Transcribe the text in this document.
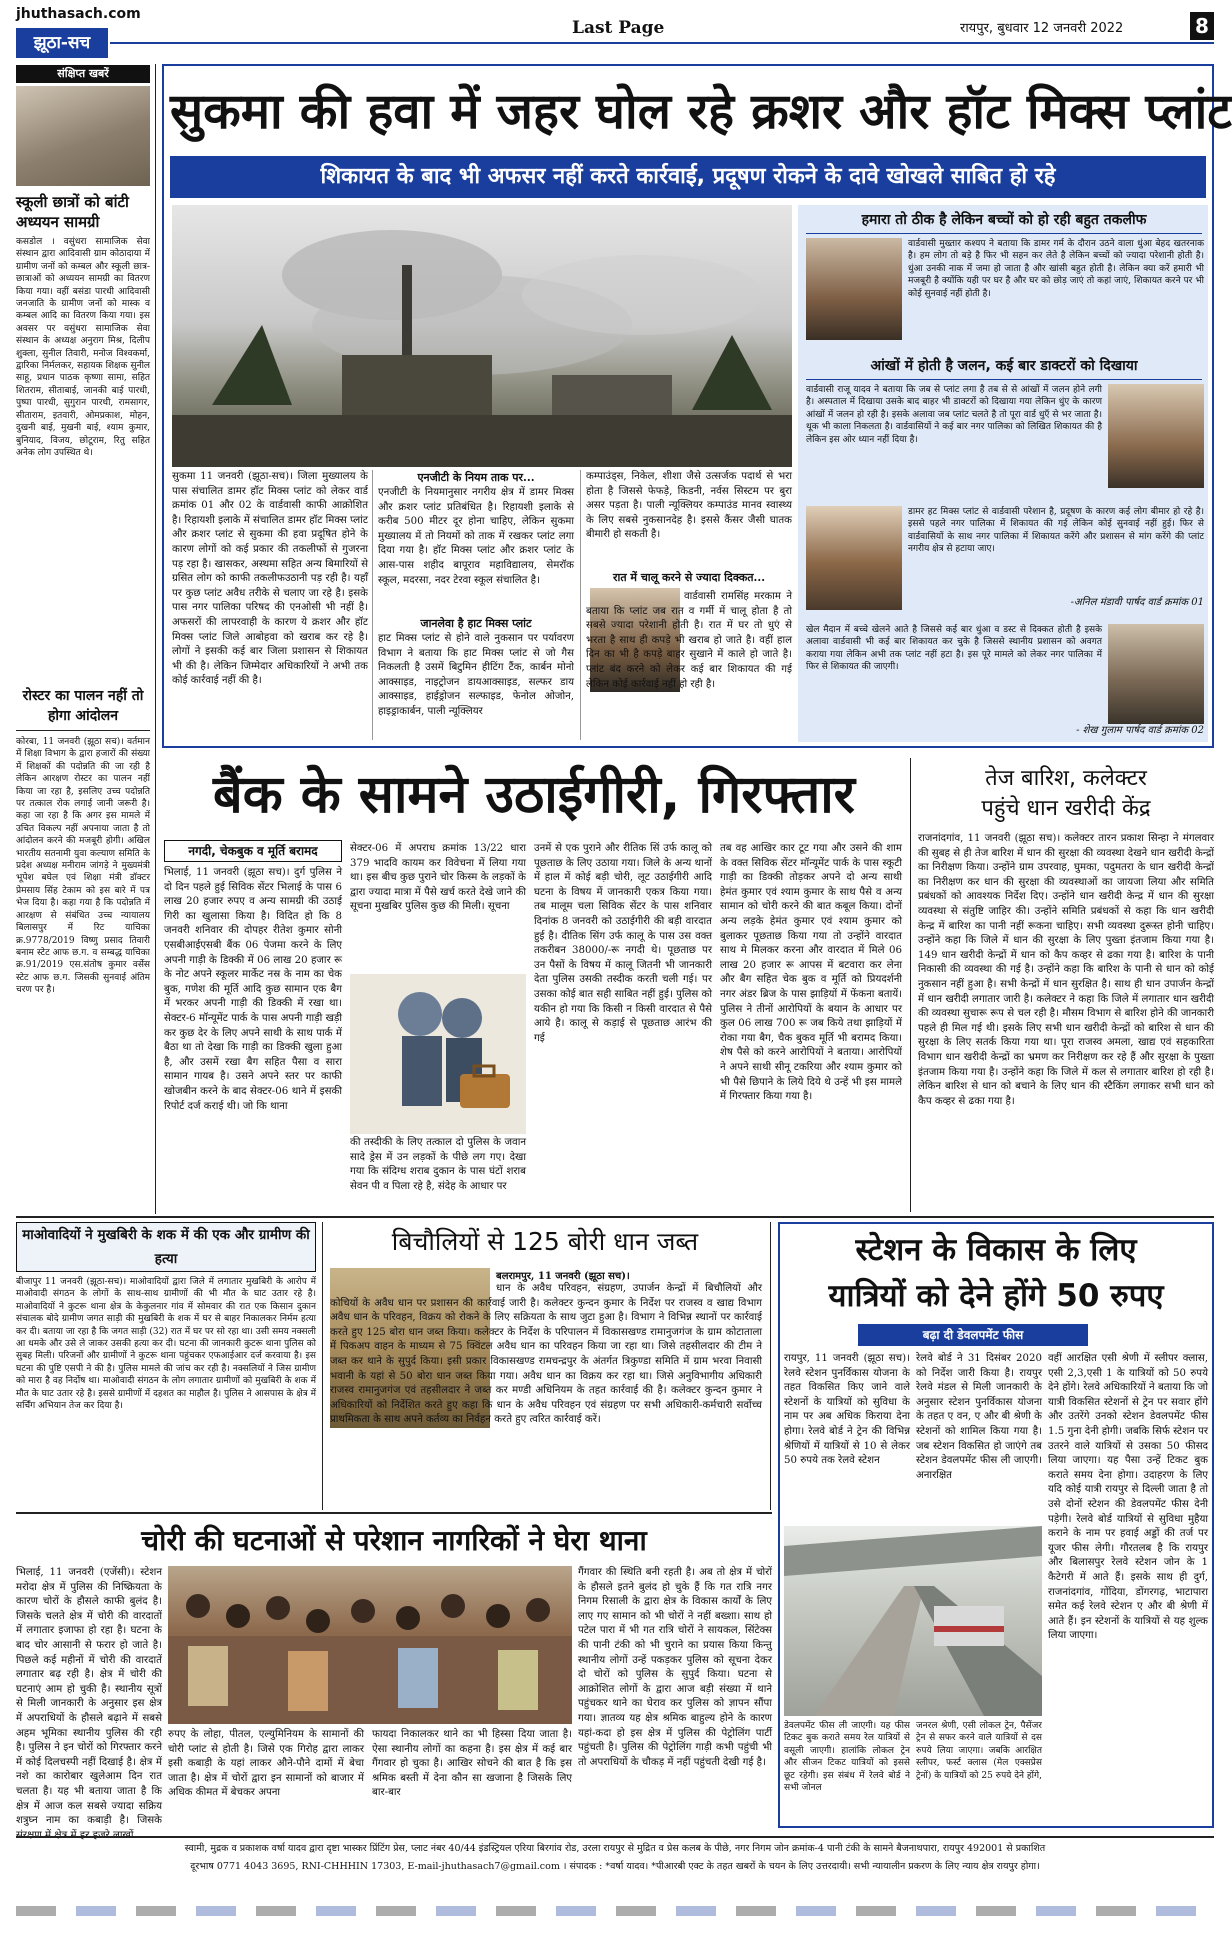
jhuthasach.com
Last Page	रायपुर, बुधवार 12 जनवरी 2022	8
झूठा-सच
संक्षिप्त खबरें
स्कूली छात्रों को बांटी अध्ययन सामग्री
कसडोल । वसुंधरा सामाजिक सेवा संस्थान द्वारा आदिवासी ग्राम कोठादाया में ग्रामीण जनों को कम्बल और स्कूली छात्र-छात्राओं को अध्ययन सामग्री का वितरण किया गया। वहीं बसंडा पारधी आदिवासी जनजाति के ग्रामीण जनों को मास्क व कम्बल आदि का वितरण किया गया। इस अवसर पर वसुंधरा सामाजिक सेवा संस्थान के अध्यक्ष अनुराग मिश्र, दिलीप शुक्ला, सुनील तिवारी, मनोज विश्वकर्मा, द्वारिका निर्मलकर, सहायक शिक्षक सुनील साहू, प्रधान पाठक कृष्णा सामा, सहित शितराम, सीताबाई, जानकी बाई पारधी, पुष्पा पारधी, सुगुरान पारधी, रामसागर, सीताराम, इतवारी, ओमप्रकाश, मोहन, दुखनी बाई, मुखनी बाई, श्याम कुमार, बुनियाद, विजय, छोटूराम, रितु सहित अनेक लोग उपस्थित थे।
रोस्टर का पालन नहीं तो होगा आंदोलन
कोरबा, 11 जनवरी (झूठा सच)। वर्तमान में शिक्षा विभाग के द्वारा हजारों की संख्या में शिक्षकों की पदोन्नति की जा रही है लेकिन आरक्षण रोस्टर का पालन नहीं किया जा रहा है, इसलिए उच्च पदोन्नति पर तत्काल रोक लगाई जानी जरूरी है। कहा जा रहा है कि अगर इस मामले में उचित विकल्प नहीं अपनाया जाता है तो आंदोलन करने की मजबूरी होगी। अखिल भारतीय सतनामी युवा कल्याण समिति के प्रदेश अध्यक्ष मनीराम जांगड़े ने मुख्यमंत्री भूपेश बघेल एवं शिक्षा मंत्री डॉक्टर प्रेमसाय सिंह टेकाम को इस बारे में पत्र भेज दिया है। कहा गया है कि पदोन्नति में आरक्षण से संबंधित उच्च न्यायालय बिलासपुर में रिट याचिका क्र.9778/2019 विष्णु प्रसाद तिवारी बनाम स्टेट आफ छ.ग. व सम्बद्ध याचिका क्र.91/2019 एस.संतोष कुमार वर्सेस स्टेट आफ छ.ग. जिसकी सुनवाई अंतिम चरण पर है।
सुकमा की हवा में जहर घोल रहे क्रशर और हॉट मिक्स प्लांट
शिकायत के बाद भी अफसर नहीं करते कार्रवाई, प्रदूषण रोकने के दावे खोखले साबित हो रहे
सुकमा 11 जनवरी (झूठा-सच)। जिला मुख्यालय के पास संचालित डामर हॉट मिक्स प्लांट को लेकर वार्ड क्रमांक 01 और 02 के वार्डवासी काफी आक्रोशित है। रिहायशी इलाके में संचालित डामर हॉट मिक्स प्लांट और क्रशर प्लांट से सुकमा की हवा प्रदूषित होने के कारण लोगों को कई प्रकार की तकलीफों से गुजरना पड़ रहा है। खासकर, अस्थमा सहित अन्य बिमारियों से ग्रसित लोग को काफी तकलीफउठानी पड़ रही है। यहाँ पर कुछ प्लांट अवैध तरीके से चलाए जा रहे है। इसके पास नगर पालिका परिषद की एनओसी भी नहीं है। अफसरों की लापरवाही के कारण ये क्रशर और हॉट मिक्स प्लांट जिले आबोहवा को खराब कर रहे है। लोगों ने इसकी कई बार जिला प्रशासन से शिकायत भी की है। लेकिन जिम्मेदार अधिकारियों ने अभी तक कोई कार्रवाई नहीं की है।
एनजीटी के नियम ताक पर...
एनजीटी के नियमानुसार नगरीय क्षेत्र में डामर मिक्स और क्रशर प्लांट प्रतिबंधित है। रिहायशी इलाके से करीब 500 मीटर दूर होना चाहिए, लेकिन सुकमा मुख्यालय में तो नियमों को ताक में रखकर प्लांट लगा दिया गया है। हॉट मिक्स प्लांट और क्रशर प्लांट के आस-पास शहीद बापूराव महाविद्यालय, सेमरॉक स्कूल, मदरसा, नदर टेरवा स्कूल संचालित है।
जानलेवा है हाट मिक्स प्लांट
हाट मिक्स प्लांट से होने वाले नुकसान पर पर्यावरण विभाग ने बताया कि हाट मिक्स प्लांट से जो गैस निकलती है उसमें बिटुमिन हीटिंग टैंक, कार्बन मोनो आक्साइड, नाइट्रोजन डायआक्साइड, सल्फर डाय आक्साइड, हाईड्रोजन सल्फाइड, फेनोल ओजोन, हाइड्राकार्बन, पाली न्यूक्लियर
कम्पाउंड्स, निकेल, शीशा जैसे उत्सर्जक पदार्थ से भरा होता है जिससे फेफड़े, किडनी, नर्वस सिस्टम पर बुरा असर पड़ता है। पाली न्यूक्लियर कम्पाउंड मानव स्वास्थ्य के लिए सबसे नुकसानदेह है। इससे कैंसर जैसी घातक बीमारी हो सकती है।
रात में चालू करने से ज्यादा दिक्कत...
वार्डवासी रामसिंह मरकाम ने बताया कि प्लांट जब रात व गर्मी में चालू होता है तो सबसे ज्यादा परेशानी होती है। रात में घर तो धुएं से भरता है साथ ही कपड़े भी खराब हो जाते है। वहीं हाल दिन का भी है कपड़े बाहर सुखाने में काले हो जाते है। प्लांट बंद करने को लेकर कई बार शिकायत की गई लेकिन कोई कार्रवाई नहीं हो रही है।
हमारा तो ठीक है लेकिन बच्चों को हो रही बहुत तकलीफ
वार्डवासी मुख्तार कश्यप ने बताया कि डामर गर्म के दौरान उठने वाला धुंआ बेहद खतरनाक है। हम लोग तो बड़े है फिर भी सहन कर लेते है लेकिन बच्चों को ज्यादा परेशानी होती है। धुंआ उनकी नाक में जमा हो जाता है और खांसी बहुत होती है। लेकिन क्या करें हमारी भी मजबूरी है क्योंकि यही पर घर है और घर को छोड़ जाएं तो कहां जाएं, शिकायत करने पर भी कोई सुनवाई नहीं होती है।
आंखों में होती है जलन, कई बार डाक्टरों को दिखाया
वार्डवासी राजू यादव ने बताया कि जब से प्लांट लगा है तब से से आंखों में जलन होने लगी है। अस्पताल में दिखाया उसके बाद बाहर भी डाक्टरों को दिखाया गया लेकिन धुंए के कारण आंखों में जलन हो रही है। इसके अलावा जब प्लांट चलते है तो पूरा वार्ड धुएँ से भर जाता है। थूक भी काला निकलता है। वार्डवासियों ने कई बार नगर पालिका को लिखित शिकायत की है लेकिन इस ओर ध्यान नहीं दिया है।
डामर हट मिक्स प्लांट से वार्डवासी परेशान है, प्रदूषण के कारण कई लोग बीमार हो रहे है। इससे पहले नगर पालिका में शिकायत की गई लेकिन कोई सुनवाई नहीं हुई। फिर से वार्डवासियों के साथ नगर पालिका में शिकायत करेंगे और प्रशासन से मांग करेंगे की प्लांट नगरीय क्षेत्र से हटाया जाए।
-अनिल मंडावी पार्षद वार्ड क्रमांक 01
खेल मैदान में बच्चे खेलने आते है जिससे कई बार धुंआ व डस्ट से दिक्कत होती है इसके अलावा वार्डवासी भी कई बार शिकायत कर चुके है जिससे स्थानीय प्रशासन को अवगत कराया गया लेकिन अभी तक प्लांट नहीं हटा है। इस पूरे मामले को लेकर नगर पालिका में फिर से शिकायत की जाएगी।
- शेख गुलाम पार्षद वार्ड क्रमांक 02
बैंक के सामने उठाईगीरी, गिरफ्तार
नगदी, चेकबुक व मूर्ति बरामद
भिलाई, 11 जनवरी (झूठा सच)। दुर्ग पुलिस ने दो दिन पहले हुई सिविक सेंटर भिलाई के पास 6 लाख 20 हजार रुपए व अन्य सामग्री की उठाई गिरी का खुलासा किया है। विदित हो कि 8 जनवरी शनिवार की दोपहर रीतेश कुमार सोनी एसबीआईएसबी बैंक 06 पेजमा करने के लिए अपनी गाड़ी के डिक्की में 06 लाख 20 हजार रू के नोट अपने स्कूलर मार्केट नस्र के नाम का चेक बुक, गणेश की मूर्ति आदि कुछ सामान एक बैग में भरकर अपनी गाड़ी की डिक्की में रखा था। सेक्टर-6 मॉन्यूमेंट पार्क के पास अपनी गाड़ी खड़ी कर कुछ देर के लिए अपने साथी के साथ पार्क में बैठा था तो देखा कि गाड़ी का डिक्की खुला हुआ है, और उसमें रखा बैग सहित पैसा व सारा सामान गायब है। उसने अपने स्तर पर काफी खोजबीन करने के बाद सेक्टर-06 थाने में इसकी रिपोर्ट दर्ज कराई थी। जो कि थाना
सेक्टर-06 में अपराध क्रमांक 13/22 धारा 379 भादवि कायम कर विवेचना में लिया गया था। इस बीच कुछ पुराने चोर किस्म के लड़कों के द्वारा ज्यादा मात्रा में पैसे खर्च करते देखे जाने की सूचना मुखबिर पुलिस कुछ की मिली। सूचना
की तस्दीकी के लिए तत्काल दो पुलिस के जवान सादे ड्रेस में उन लड़कों के पीछे लग गए। देखा गया कि संदिग्ध शराब दुकान के पास घंटों शराब सेवन पी व पिला रहे है, संदेह के आधार पर
उनमें से एक पुराने और रीतिक सिं उर्फ कालू को पूछताछ के लिए उठाया गया। जिले के अन्य थानों में हाल में कोई बड़ी चोरी, लूट उठाईगीरी आदि घटना के विषय में जानकारी एकत्र किया गया। तब मालूम चला सिविक सेंटर के पास शनिवार दिनांक 8 जनवरी को उठाईगीरी की बड़ी वारदात हुई है। दीतिक सिंग उर्फ कालू के पास उस वक्त तकरीबन 38000/-रू नगदी थे। पूछताछ पर उन पैसों के विषय में कालू जितनी भी जानकारी देता पुलिस उसकी तस्दीक करती चली गई। पर उसका कोई बात सही साबित नहीं हुई। पुलिस को यकीन हो गया कि किसी न किसी वारदात से पैसे आये है। कालू से कड़ाई से पूछताछ आरंभ की गई
तब वह आखिर कार टूट गया और उसने की शाम के वक्त सिविक सेंटर मॉन्यूमेंट पार्क के पास स्कूटी गाड़ी का डिक्की तोड़कर अपने दो अन्य साथी हेमंत कुमार एवं श्याम कुमार के साथ पैसे व अन्य सामान को चोरी करने की बात कबूल किया। दोनों अन्य लड़के हेमंत कुमार एवं श्याम कुमार को बुलाकर पूछताछ किया गया तो उन्होंने वारदात साथ मे मिलकर करना और वारदात में मिले 06 लाख 20 हजार रू आपस में बटवारा कर लेना और बैग सहित चेक बुक व मूर्ति को प्रियदर्शनी नगर अंडर ब्रिज के पास झाड़ियों में फेंकना बतायें। पुलिस ने तीनों आरोपियों के बयान के आधार पर कुल 06 लाख 700 रू जब किये तथा झाड़ियों में रोका गया बैग, चैक बुकव मूर्ति भी बरामद किया। शेष पैसे को करने आरोपियों ने बताया। आरोपियों ने अपने साथी सीनू टकरिया और श्याम कुमार को भी पैसे छिपाने के लिये दिये थे उन्हें भी इस मामले में गिरफ्तार किया गया है।
तेज बारिश, कलेक्टर
पहुंचे धान खरीदी केंद्र
राजनांदगांव, 11 जनवरी (झूठा सच)। कलेक्टर तारन प्रकाश सिन्हा ने मंगलवार की सुबह से ही तेज बारिश में धान की सुरक्षा की व्यवस्था देखने धान खरीदी केन्द्रों का निरीक्षण किया। उन्होंने ग्राम उपरवाह, घुमका, पदुमतरा के धान खरीदी केन्द्रों का निरीक्षण कर धान की सुरक्षा की व्यवस्थाओं का जायजा लिया और समिति प्रबंधकों को आवश्यक निर्देश दिए। उन्होंने धान खरीदी केन्द्र में धान की सुरक्षा व्यवस्था से संतुष्टि जाहिर की। उन्होंने समिति प्रबंधकों से कहा कि धान खरीदी केन्द्र में बारिश का पानी नहीं रूकना चाहिए। सभी व्यवस्था दुरूस्त होनी चाहिए। उन्होंने कहा कि जिले में धान की सुरक्षा के लिए पुख्ता इंतजाम किया गया है। 149 धान खरीदी केन्द्रों में धान को कैप कव्हर से ढका गया है। बारिश के पानी निकासी की व्यवस्था की गई है। उन्होंने कहा कि बारिश के पानी से धान को कोई नुकसान नहीं हुआ है। सभी केन्द्रों में धान सुरक्षित है। साथ ही धान उपार्जन केन्द्रों में धान खरीदी लगातार जारी है। कलेक्टर ने कहा कि जिले में लगातार धान खरीदी की व्यवस्था सुचारू रूप से चल रही है। मौसम विभाग से बारिश होने की जानकारी पहले ही मिल गई थी। इसके लिए सभी धान खरीदी केन्द्रों को बारिश से धान की सुरक्षा के लिए सतर्क किया गया था। पूरा राजस्व अमला, खाद्य एवं सहकारिता विभाग धान खरीदी केन्द्रों का भ्रमण कर निरीक्षण कर रहे हैं और सुरक्षा के पुख्ता इंतजाम किया गया है। उन्होंने कहा कि जिले में कल से लगातार बारिश हो रही है। लेकिन बारिश से धान को बचाने के लिए धान की स्टैकिंग लगाकर सभी धान को कैप कव्हर से ढका गया है।
माओवादियों ने मुखबिरी के शक में की एक और ग्रामीण की हत्या
बीजापुर 11 जनवरी (झूठा-सच)। माओवादियों द्वारा जिले में लगातार मुखबिरी के आरोप में माओवादी संगठन के लोगों के साथ-साथ ग्रामीणों की भी मौत के घाट उतार रहे है। माओवादियों ने कुटरू थाना क्षेत्र के केकुलनार गांव में सोमवार की रात एक किसान दुकान संचालक बोदे ग्रामीण जगत साड़ी की मुखबिरी के शक में घर से बाहर निकालकर निर्मम हत्या कर दी। बताया जा रहा है कि जगत साड़ी (32) रात में घर पर सो रहा था। उसी समय नक्सली आ धमके और उसे ले जाकर उसकी हत्या कर दी। घटना की जानकारी कुटरू थाना पुलिस को सुबह मिली। परिजनों और ग्रामीणों ने कुटरू थाना पहुंचकर एफआईआर दर्ज करवाया है। इस घटना की पुष्टि एसपी ने की है। पुलिस मामले की जांच कर रही है। नक्सलियों ने जिस ग्रामीण को मारा है वह निर्दोष था। माओवादी संगठन के लोग लगातार ग्रामीणों को मुखबिरी के शक में मौत के घाट उतार रहे है। इससे ग्रामीणों में दहशत का माहौल है। पुलिस ने आसपास के क्षेत्र में सर्चिंग अभियान तेज कर दिया है।
बिचौलियों से 125 बोरी धान जब्त
बलरामपुर, 11 जनवरी (झूठा सच)।
धान के अवैध परिवहन, संग्रहण, उपार्जन केन्द्रों में बिचौलियों और कोचियों के अवैध धान पर प्रशासन की कार्रवाई जारी है। कलेक्टर कुन्दन कुमार के निर्देश पर राजस्व व खाद्य विभाग अवैध धान के परिवहन, विक्रय को रोकने के लिए सक्रियता के साथ जुटा हुआ है। विभाग ने विभिन्न स्थानों पर कार्रवाई करते हुए 125 बोरा धान जब्त किया। कलेक्टर के निर्देश के परिपालन में विकासखण्ड रामानुजगंज के ग्राम कोटाताला में पिकअप वाहन के माध्यम से 75 क्विंटल अवैध धान का परिवहन किया जा रहा था। जिसे तहसीलदार की टीम ने जब्त कर थाने के सुपुर्द किया। इसी प्रकार विकासखण्ड रामचन्द्रपुर के अंतर्गत त्रिकुण्डा समिति में ग्राम भरवा निवासी भवानी के यहां से 50 बोरा धान जब्त किया गया। अवैध धान का विक्रय कर रहा था। जिसे अनुविभागीय अधिकारी राजस्व रामानुजगंज एवं तहसीलदार ने जब्त कर मण्डी अधिनियम के तहत कार्रवाई की है। कलेक्टर कुन्दन कुमार ने अधिकारियों को निर्देशित करते हुए कहा कि धान के अवैध परिवहन एवं संग्रहण पर सभी अधिकारी-कर्मचारी सर्वोच्च प्राथमिकता के साथ अपने कर्तव्य का निर्वहन करते हुए त्वरित कार्रवाई करें।
स्टेशन के विकास के लिए
यात्रियों को देने होंगे 50 रुपए
बढ़ा दी डेवलपमेंट फीस
रायपुर, 11 जनवरी (झूठा सच)। रेलवे स्टेशन पुनर्विकास योजना के तहत विकसित किए जाने वाले स्टेशनों के यात्रियों को सुविधा के नाम पर अब अधिक किराया देना होगा। रेलवे बोर्ड ने ट्रेन की विभिन्न श्रेणियों में यात्रियों से 10 से लेकर 50 रुपये तक रेलवे स्टेशन
रेलवे बोर्ड ने 31 दिसंबर 2020 को निर्देश जारी किया है। रायपुर रेलवे मंडल से मिली जानकारी के अनुसार स्टेशन पुनर्विकास योजना के तहत ए वन, ए और बी श्रेणी के स्टेशनों को शामिल किया गया है। जब स्टेशन विकसित हो जाएंगे तब स्टेशन डेवलपमेंट फीस ली जाएगी। अनारक्षित
वहीं आरक्षित एसी श्रेणी में स्लीपर क्लास, एसी 2,3,एसी 1 के यात्रियों को 50 रुपये देने होंगे। रेलवे अधिकारियों ने बताया कि जो यात्री विकसित स्टेशनों से ट्रेन पर सवार होंगे और उतरेंगे उनको स्टेशन डेवलपमेंट फीस 1.5 गुना देनी होगी। जबकि सिर्फ स्टेशन पर उतरने वाले यात्रियों से उसका 50 फीसद लिया जाएगा। यह पैसा उन्हें टिकट बुक कराते समय देना होगा। उदाहरण के लिए यदि कोई यात्री रायपुर से दिल्ली जाता है तो उसे दोनों स्टेशन की डेवलपमेंट फीस देनी पड़ेगी। रेलवे बोर्ड यात्रियों से सुविधा मुहैया कराने के नाम पर हवाई अड्डों की तर्ज पर यूजर फीस लेगी। गौरतलब है कि रायपुर और बिलासपुर रेलवे स्टेशन जोन के 1 कैटेगरी में आते हैं। इसके साथ ही दुर्ग, राजनांदगांव, गोंदिया, डोंगरगढ़, भाटापारा समेत कई रेलवे स्टेशन ए और बी श्रेणी में आते हैं। इन स्टेशनों के यात्रियों से यह शुल्क लिया जाएगा।
डेवलपमेंट फीस ली जाएगी। यह फीस टिकट बुक कराते समय रेल यात्रियों से वसूली जाएगी। हालांकि लोकल ट्रेन और सीजन टिकट यात्रियों को इससे छूट रहेगी। इस संबंध में रेलवे बोर्ड ने सभी जोनल
जनरल श्रेणी, एसी लोकल ट्रेन, पैसेंजर ट्रेन से सफर करने वाले यात्रियों से दस रुपये लिया जाएगा। जबकि आरक्षित स्लीपर, फर्स्ट क्लास (मेल एक्सप्रेस ट्रेनों) के यात्रियों को 25 रुपये देने होंगे,
चोरी की घटनाओं से परेशान नागरिकों ने घेरा थाना
भिलाई, 11 जनवरी (एजेंसी)। स्टेशन मरोदा क्षेत्र में पुलिस की निष्क्रियता के कारण चोरों के हौसले काफी बुलंद है। जिसके चलते क्षेत्र में चोरी की वारदातों में लगातार इजाफा हो रहा है। घटना के बाद चोर आसानी से फरार हो जाते है। पिछले कई महीनों में चोरी की वारदातें लगातार बढ़ रही है। क्षेत्र में चोरी की घटनाएं आम हो चुकी है। स्थानीय सूत्रों से मिली जानकारी के अनुसार इस क्षेत्र में अपराधियों के हौसले बढ़ाने में सबसे अहम भूमिका स्थानीय पुलिस की रही है। पुलिस ने इन चोरों को गिरफ्तार करने में कोई दिलचस्पी नहीं दिखाई है। क्षेत्र में नशे का कारोबार खुलेआम दिन रात चलता है। यह भी बताया जाता है कि क्षेत्र में आज कल सबसे ज्यादा सक्रिय शत्रुघ्न नाम का कबाड़ी है। जिसके
रुपए के लोहा, पीतल, एल्युमिनियम के सामानों की चोरी प्लांट से होती है। जिसे एक गिरोह द्वारा लाकर इसी कबाड़ी के यहां लाकर औने-पौने दामों में बेचा जाता है। क्षेत्र में चोरों द्वारा इन सामानों को बाजार में अधिक कीमत में बेचकर अपना
फायदा निकालकर थाने का भी हिस्सा दिया जाता है। ऐसा स्थानीय लोगों का कहना है। इस क्षेत्र में कई बार गैंगवार हो चुका है। आखिर सोचने की बात है कि इस श्रमिक बस्ती में देना कौन सा खजाना है जिसके लिए बार-बार
गैंगवार की स्थिति बनी रहती है। अब तो क्षेत्र में चोरों के हौसले इतने बुलंद हो चुके हैं कि गत रात्रि नगर निगम रिसाली के द्वारा क्षेत्र के विकास कार्यों के लिए लाए गए सामान को भी चोरों ने नहीं बख्शा। साथ हो पटेल पारा में भी गत रात्रि चोरों ने सायकल, सिंटेक्स की पानी टंकी को भी चुराने का प्रयास किया किन्तु स्थानीय लोगों उन्हें पकड़कर पुलिस को सूचना देकर दो चोरों को पुलिस के सुपुर्द किया। घटना से आक्रोशित लोगों के द्वारा आज बड़ी संख्या में थाने पहुंचकर थाने का घेराव कर पुलिस को ज्ञापन सौंपा गया। ज्ञातव्य यह क्षेत्र श्रमिक बाहुल्य होने के कारण यहां-कदा हो इस क्षेत्र में पुलिस की पेट्रोलिंग पार्टी पहुंचती है। पुलिस की पेट्रोलिंग गाड़ी कभी पहुंची भी तो अपराधियों के चौकड़ में नहीं पहुंचती देखी गई है।
स्वामी, मुद्रक व प्रकाशक वर्षा यादव द्वारा दृष्टा भास्कर प्रिंटिंग प्रेस, प्लाट नंबर 40/44 इंडस्ट्रियल एरिया बिरगांव रोड, उरला रायपुर से मुद्रित व प्रेस कलब के पीछे, नगर निगम जोन क्रमांक-4 पानी टंकी के सामने बैजनाथपारा, रायपुर 492001 से प्रकाशित
दूरभाष 0771 4043 3695, RNI-CHHHIN 17303, E-mail-jhuthasach7@gmail.com । संपादक : *वर्षा यादव। *पीआरबी एक्ट के तहत खबरों के चयन के लिए उत्तरदायी। सभी न्यायालीन प्रकरण के लिए न्याय क्षेत्र रायपुर होगा।
